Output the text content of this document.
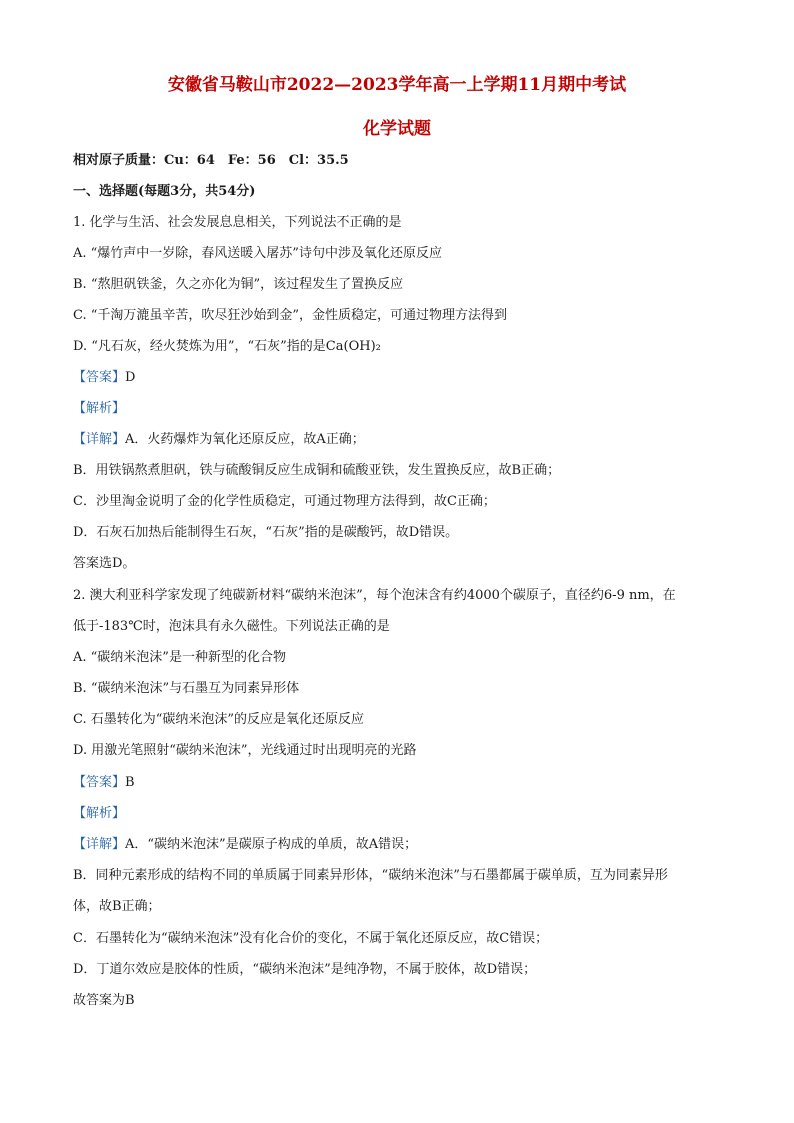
安徽省马鞍山市2022—2023学年高一上学期11月期中考试
化学试题
相对原子质量：Cu：64　Fe：56　Cl：35.5
一、选择题(每题3分，共54分)
1. 化学与生活、社会发展息息相关，下列说法不正确的是
A. “爆竹声中一岁除，春风送暖入屠苏”诗句中涉及氧化还原反应
B. “熬胆矾铁釜，久之亦化为铜”，该过程发生了置换反应
C. “千淘万漉虽辛苦，吹尽狂沙始到金”，金性质稳定，可通过物理方法得到
D. “凡石灰，经火焚炼为用”，“石灰”指的是Ca(OH)₂
【答案】D
【解析】
【详解】A．火药爆炸为氧化还原反应，故A正确；
B．用铁锅熬煮胆矾，铁与硫酸铜反应生成铜和硫酸亚铁，发生置换反应，故B正确；
C．沙里淘金说明了金的化学性质稳定，可通过物理方法得到，故C正确；
D．石灰石加热后能制得生石灰，“石灰”指的是碳酸钙，故D错误。
答案选D。
2. 澳大利亚科学家发现了纯碳新材料“碳纳米泡沫”，每个泡沫含有约4000个碳原子，直径约6-9 nm，在
低于-183℃时，泡沫具有永久磁性。下列说法正确的是
A. “碳纳米泡沫”是一种新型的化合物
B. “碳纳米泡沫”与石墨互为同素异形体
C. 石墨转化为“碳纳米泡沫”的反应是氧化还原反应
D. 用激光笔照射“碳纳米泡沫”，光线通过时出现明亮的光路
【答案】B
【解析】
【详解】A．“碳纳米泡沫”是碳原子构成的单质，故A错误；
B．同种元素形成的结构不同的单质属于同素异形体，“碳纳米泡沫”与石墨都属于碳单质，互为同素异形
体，故B正确；
C．石墨转化为“碳纳米泡沫”没有化合价的变化，不属于氧化还原反应，故C错误；
D．丁道尔效应是胶体的性质，“碳纳米泡沫”是纯净物，不属于胶体，故D错误；
故答案为B
